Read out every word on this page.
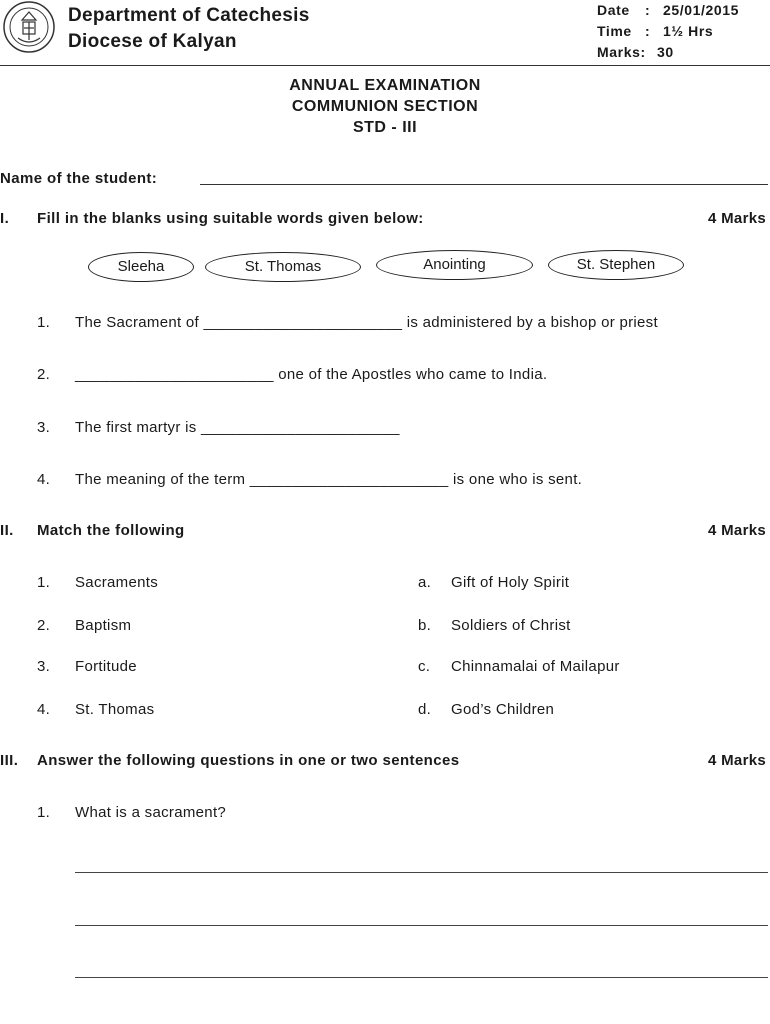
Department of Catechesis
Diocese of Kalyan
Date : 25/01/2015
Time : 1½ Hrs
Marks: 30
ANNUAL EXAMINATION
COMMUNION SECTION
STD - III
Name of the student:
I. Fill in the blanks using suitable words given below:	4 Marks
Sleeha	St. Thomas	Anointing	St. Stephen
1. The Sacrament of _______________________ is administered by a bishop or priest
2. _______________________ one of the Apostles who came to India.
3. The first martyr is _______________________
4. The meaning of the term _______________________ is one who is sent.
II. Match the following	4 Marks
1. Sacraments	a. Gift of Holy Spirit
2. Baptism	b. Soldiers of Christ
3. Fortitude	c. Chinnamalai of Mailapur
4. St. Thomas	d. God’s Children
III. Answer the following questions in one or two sentences	4 Marks
1. What is a sacrament?
